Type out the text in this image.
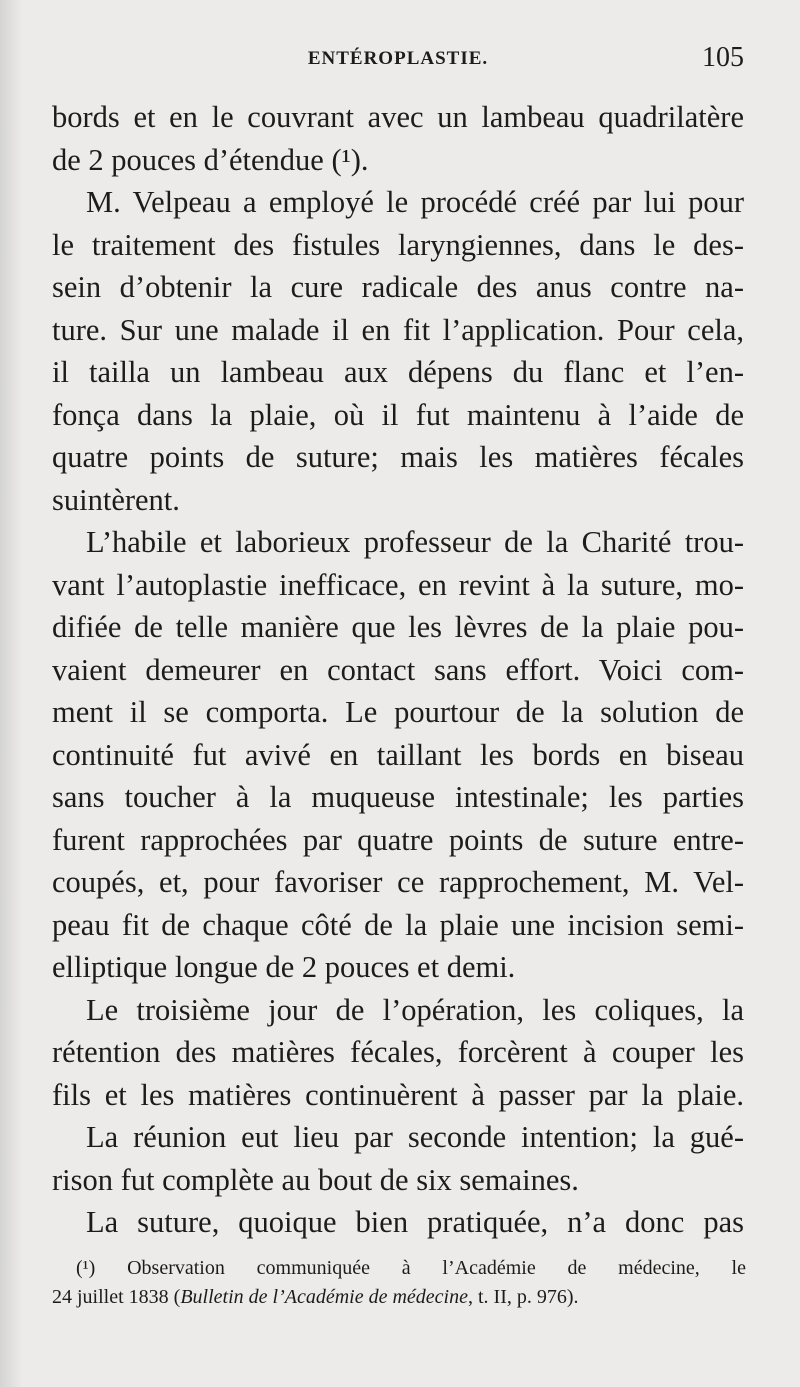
ENTÉROPLASTIE.	105
bords et en le couvrant avec un lambeau quadrilatère
de 2 pouces d’étendue (¹).
M. Velpeau a employé le procédé créé par lui pour
le traitement des fistules laryngiennes, dans le des-
sein d’obtenir la cure radicale des anus contre na-
ture. Sur une malade il en fit l’application. Pour cela,
il tailla un lambeau aux dépens du flanc et l’en-
fonça dans la plaie, où il fut maintenu à l’aide de
quatre points de suture; mais les matières fécales
suintèrent.
L’habile et laborieux professeur de la Charité trou-
vant l’autoplastie inefficace, en revint à la suture, mo-
difiée de telle manière que les lèvres de la plaie pou-
vaient demeurer en contact sans effort. Voici com-
ment il se comporta. Le pourtour de la solution de
continuité fut avivé en taillant les bords en biseau
sans toucher à la muqueuse intestinale; les parties
furent rapprochées par quatre points de suture entre-
coupés, et, pour favoriser ce rapprochement, M. Vel-
peau fit de chaque côté de la plaie une incision semi-
elliptique longue de 2 pouces et demi.
Le troisième jour de l’opération, les coliques, la
rétention des matières fécales, forcèrent à couper les
fils et les matières continuèrent à passer par la plaie.
La réunion eut lieu par seconde intention; la gué-
rison fut complète au bout de six semaines.
La suture, quoique bien pratiquée, n’a donc pas
(¹) Observation communiquée à l’Académie de médecine, le
24 juillet 1838 (Bulletin de l’Académie de médecine, t. II, p. 976).
